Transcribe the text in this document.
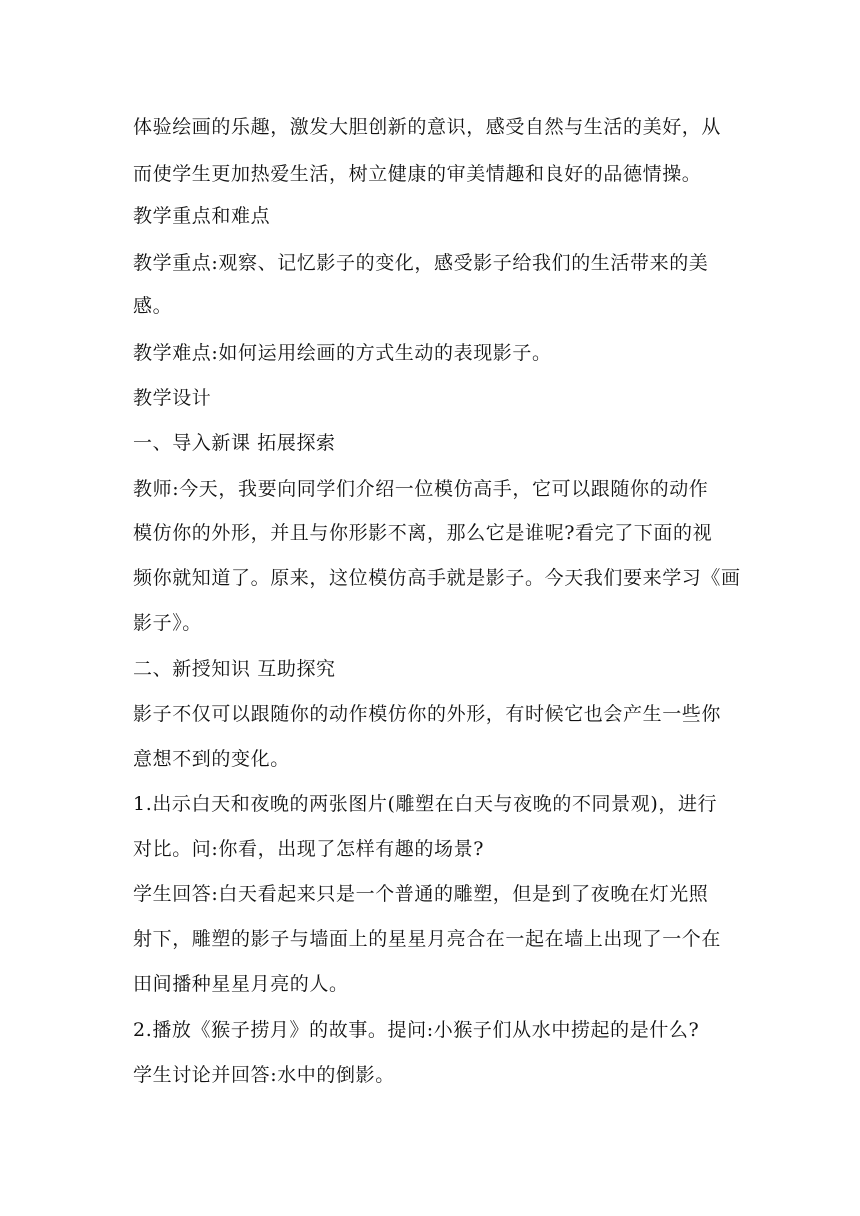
体验绘画的乐趣，激发大胆创新的意识，感受自然与生活的美好，从
而使学生更加热爱生活，树立健康的审美情趣和良好的品德情操。
教学重点和难点
教学重点:观察、记忆影子的变化，感受影子给我们的生活带来的美
感。
教学难点:如何运用绘画的方式生动的表现影子。
教学设计
一、导入新课 拓展探索
教师:今天，我要向同学们介绍一位模仿高手，它可以跟随你的动作
模仿你的外形，并且与你形影不离，那么它是谁呢?看完了下面的视
频你就知道了。原来，这位模仿高手就是影子。今天我们要来学习《画
影子》。
二、新授知识 互助探究
影子不仅可以跟随你的动作模仿你的外形，有时候它也会产生一些你
意想不到的变化。
1.出示白天和夜晚的两张图片(雕塑在白天与夜晚的不同景观)，进行
对比。问:你看，出现了怎样有趣的场景?
学生回答:白天看起来只是一个普通的雕塑，但是到了夜晚在灯光照
射下，雕塑的影子与墙面上的星星月亮合在一起在墙上出现了一个在
田间播种星星月亮的人。
2.播放《猴子捞月》的故事。提问:小猴子们从水中捞起的是什么?
学生讨论并回答:水中的倒影。
